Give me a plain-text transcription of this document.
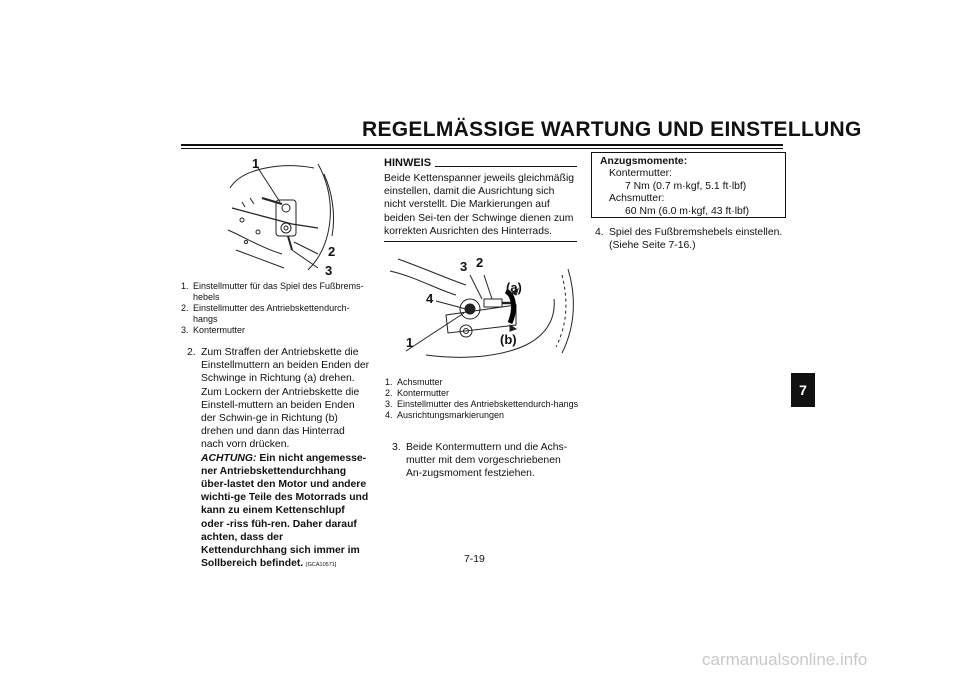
REGELMÄSSIGE WARTUNG UND EINSTELLUNG
7
1
2
3
1. Einstellmutter für das Spiel des Fußbrems-hebels
2. Einstellmutter des Antriebskettendurch-hangs
3. Kontermutter
2. Zum Straffen der Antriebskette die Einstellmuttern an beiden Enden der Schwinge in Richtung (a) drehen. Zum Lockern der Antriebskette die Einstell-muttern an beiden Enden der Schwin-ge in Richtung (b) drehen und dann das Hinterrad nach vorn drücken.
ACHTUNG: Ein nicht angemesse-ner Antriebskettendurchhang über-lastet den Motor und andere wichti-ge Teile des Motorrads und kann zu einem Kettenschlupf oder -riss füh-ren. Daher darauf achten, dass der Kettendurchhang sich immer im Sollbereich befindet. [GCA10571]
HINWEIS
Beide Kettenspanner jeweils gleichmäßig einstellen, damit die Ausrichtung sich nicht verstellt. Die Markierungen auf beiden Sei-ten der Schwinge dienen zum korrekten Ausrichten des Hinterrads.
3 2
4
1
(a)
(b)
1. Achsmutter
2. Kontermutter
3. Einstellmutter des Antriebskettendurch-hangs
4. Ausrichtungsmarkierungen
3. Beide Kontermuttern und die Achs-mutter mit dem vorgeschriebenen An-zugsmoment festziehen.
Anzugsmomente:
Kontermutter:
7 Nm (0.7 m·kgf, 5.1 ft·lbf)
Achsmutter:
60 Nm (6.0 m·kgf, 43 ft·lbf)
4. Spiel des Fußbremshebels einstellen. (Siehe Seite 7-16.)
7-19
carmanualsonline.info
